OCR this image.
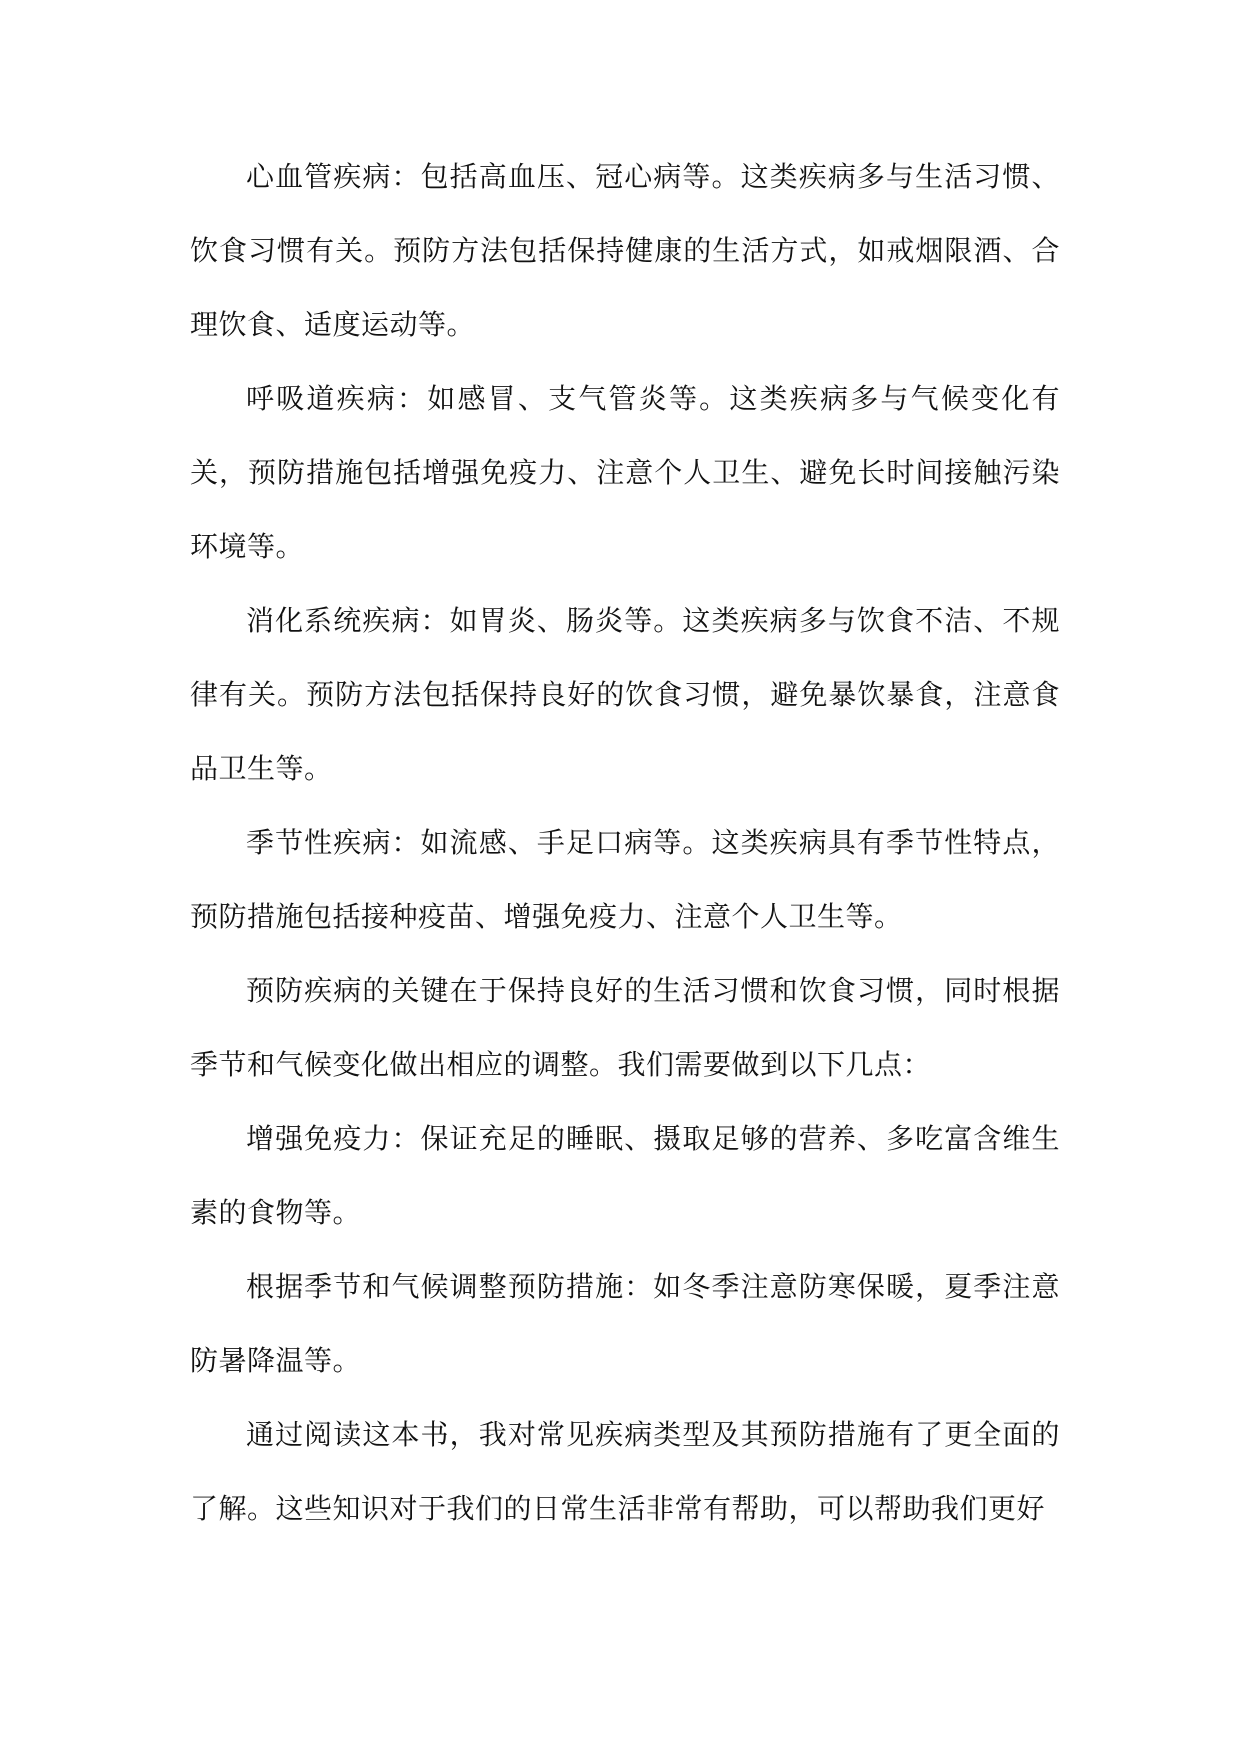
心血管疾病：包括高血压、冠心病等。这类疾病多与生活习惯、饮食习惯有关。预防方法包括保持健康的生活方式，如戒烟限酒、合理饮食、适度运动等。

呼吸道疾病：如感冒、支气管炎等。这类疾病多与气候变化有关，预防措施包括增强免疫力、注意个人卫生、避免长时间接触污染环境等。

消化系统疾病：如胃炎、肠炎等。这类疾病多与饮食不洁、不规律有关。预防方法包括保持良好的饮食习惯，避免暴饮暴食，注意食品卫生等。

季节性疾病：如流感、手足口病等。这类疾病具有季节性特点，预防措施包括接种疫苗、增强免疫力、注意个人卫生等。

预防疾病的关键在于保持良好的生活习惯和饮食习惯，同时根据季节和气候变化做出相应的调整。我们需要做到以下几点：

增强免疫力：保证充足的睡眠、摄取足够的营养、多吃富含维生素的食物等。

根据季节和气候调整预防措施：如冬季注意防寒保暖，夏季注意防暑降温等。

通过阅读这本书，我对常见疾病类型及其预防措施有了更全面的了解。这些知识对于我们的日常生活非常有帮助，可以帮助我们更好
